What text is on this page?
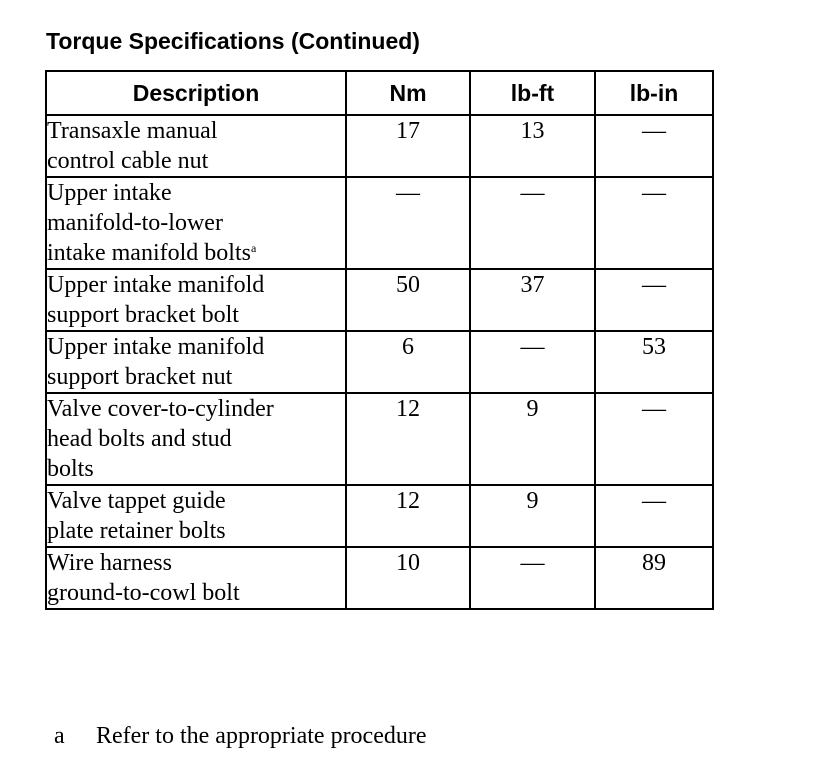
Torque Specifications (Continued)
Description	Nm	lb-ft	lb-in

Transaxle manual
control cable nut	17	13	—

Upper intake
manifold-to-lower
intake manifold bolts$^a$	—	—	—

Upper intake manifold
support bracket bolt	50	37	—

Upper intake manifold
support bracket nut	6	—	53

Valve cover-to-cylinder
head bolts and stud
bolts	12	9	—

Valve tappet guide
plate retainer bolts	12	9	—

Wire harness
ground-to-cowl bolt	10	—	89
a Refer to the appropriate procedure
